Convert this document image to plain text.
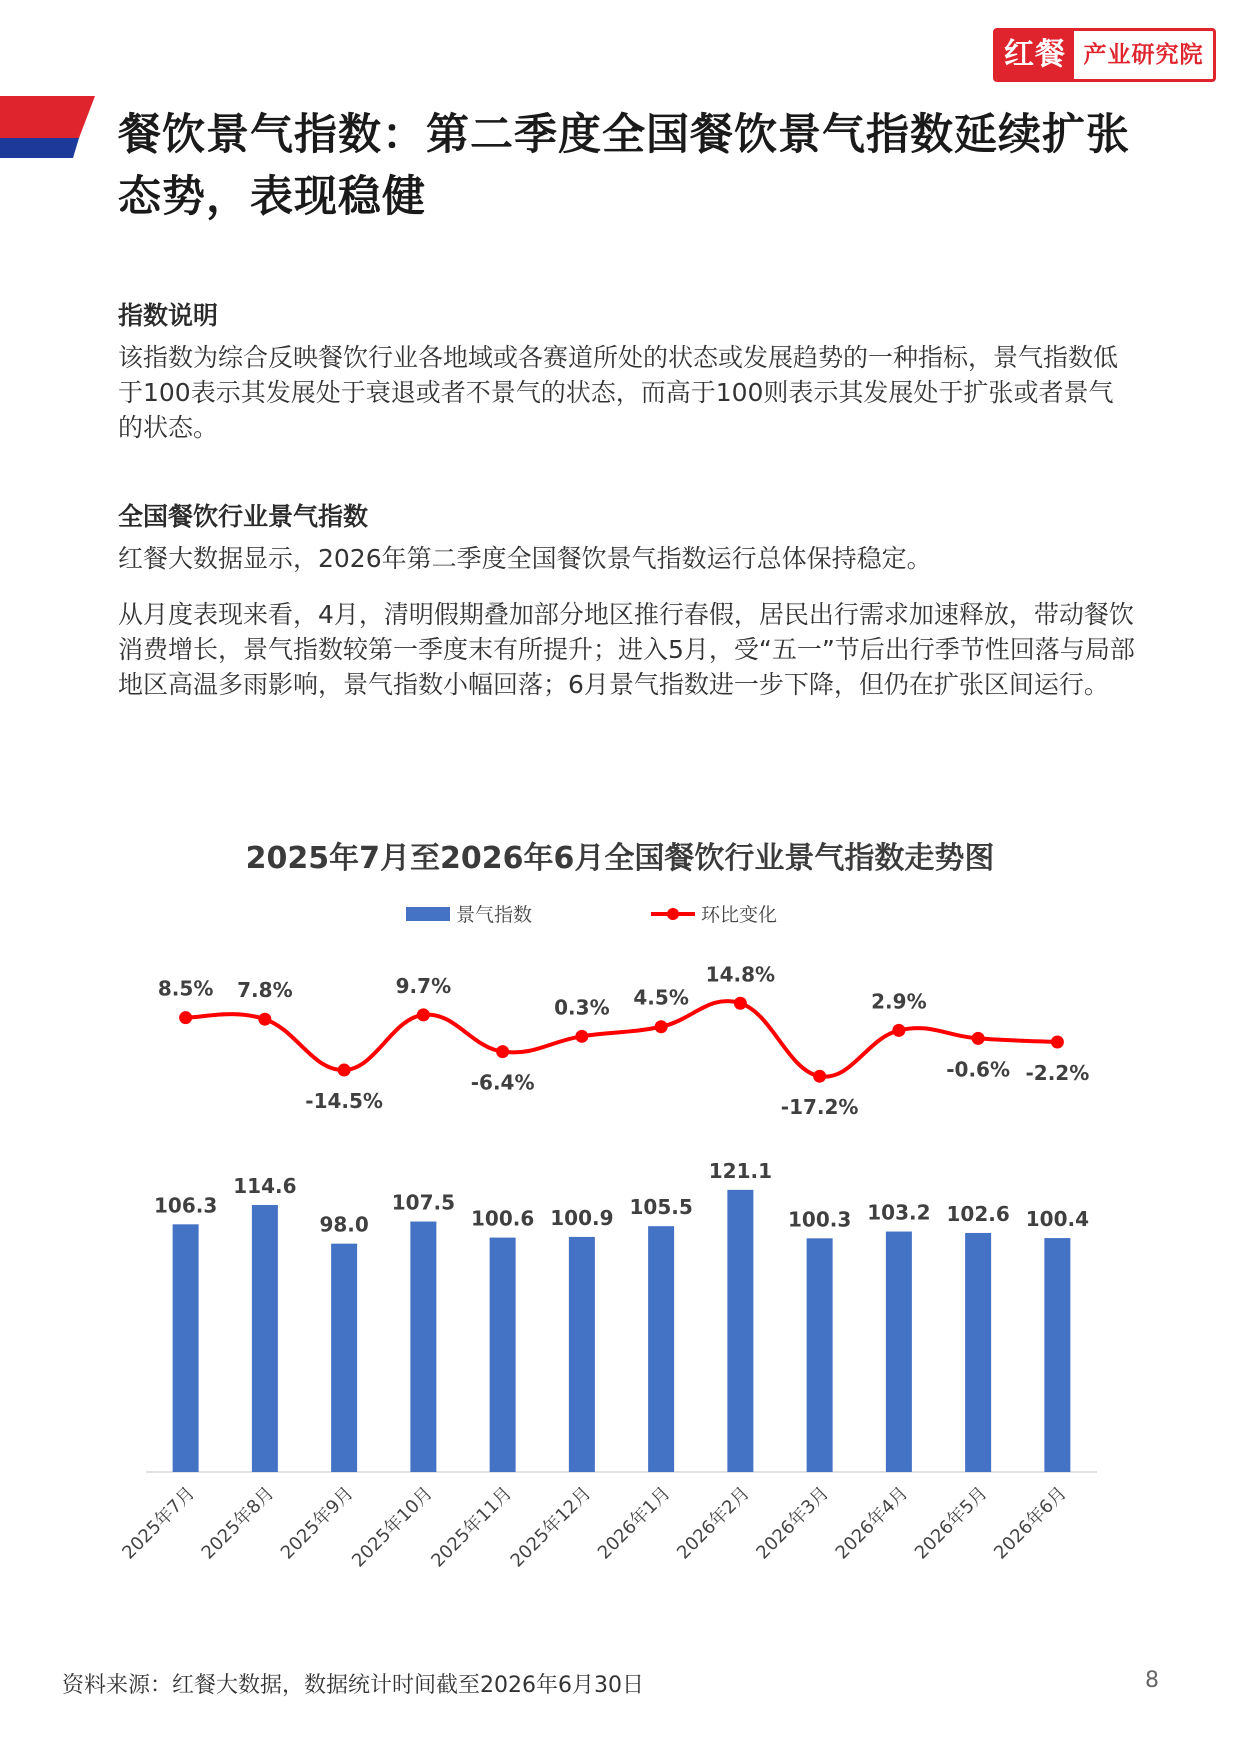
红餐 产业研究院
餐饮景气指数：第二季度全国餐饮景气指数延续扩张态势，表现稳健
指数说明

该指数为综合反映餐饮行业各地域或各赛道所处的状态或发展趋势的一种指标，景气指数低于100表示其发展处于衰退或者不景气的状态，而高于100则表示其发展处于扩张或者景气的状态。

全国餐饮行业景气指数

红餐大数据显示，2026年第二季度全国餐饮景气指数运行总体保持稳定。

从月度表现来看，4月，清明假期叠加部分地区推行春假，居民出行需求加速释放，带动餐饮消费增长，景气指数较第一季度末有所提升；进入5月，受“五一”节后出行季节性回落与局部地区高温多雨影响，景气指数小幅回落；6月景气指数进一步下降，但仍在扩张区间运行。

2025年7月至2026年6月全国餐饮行业景气指数走势图
景气指数	环比变化
106.3
114.6
98.0
107.5
100.6 100.9 105.5
121.1
100.3 103.2 102.6 100.4
2025年7月
2025年8月
2025年9月
2025年10月
2025年11月
2025年12月
2026年1月
2026年2月
2026年3月
2026年4月
2026年5月
2026年6月
8.5% 7.8%
-14.5%
9.7%
-6.4%
0.3% 4.5%
14.8%
-17.2%
2.9%
-0.6% -2.2%
资料来源：红餐大数据，数据统计时间截至2026年6月30日	8
